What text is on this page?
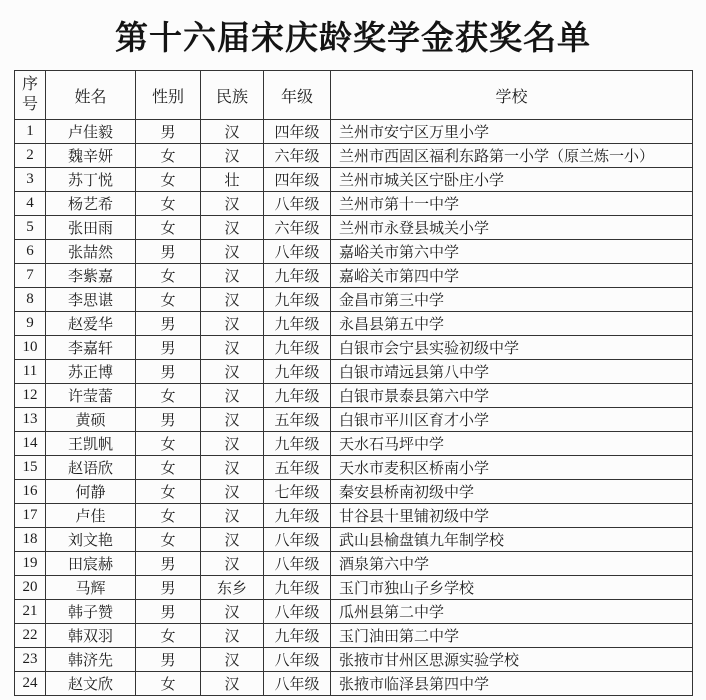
第十六届宋庆龄奖学金获奖名单
序号	姓名	性别	民族	年级	学校
1	卢佳毅	男	汉	四年级	兰州市安宁区万里小学
2	魏辛妍	女	汉	六年级	兰州市西固区福利东路第一小学（原兰炼一小）
3	苏丁悦	女	壮	四年级	兰州市城关区宁卧庄小学
4	杨艺希	女	汉	八年级	兰州市第十一中学
5	张田雨	女	汉	六年级	兰州市永登县城关小学
6	张喆然	男	汉	八年级	嘉峪关市第六中学
7	李紫嘉	女	汉	九年级	嘉峪关市第四中学
8	李思谌	女	汉	九年级	金昌市第三中学
9	赵爱华	男	汉	九年级	永昌县第五中学
10	李嘉轩	男	汉	九年级	白银市会宁县实验初级中学
11	苏正博	男	汉	九年级	白银市靖远县第八中学
12	许莹蕾	女	汉	九年级	白银市景泰县第六中学
13	黄硕	男	汉	五年级	白银市平川区育才小学
14	王凯帆	女	汉	九年级	天水石马坪中学
15	赵语欣	女	汉	五年级	天水市麦积区桥南小学
16	何静	女	汉	七年级	秦安县桥南初级中学
17	卢佳	女	汉	九年级	甘谷县十里铺初级中学
18	刘文艳	女	汉	八年级	武山县榆盘镇九年制学校
19	田宸赫	男	汉	八年级	酒泉第六中学
20	马辉	男	东乡	九年级	玉门市独山子乡学校
21	韩子赞	男	汉	八年级	瓜州县第二中学
22	韩双羽	女	汉	九年级	玉门油田第二中学
23	韩济先	男	汉	八年级	张掖市甘州区思源实验学校
24	赵文欣	女	汉	八年级	张掖市临泽县第四中学
